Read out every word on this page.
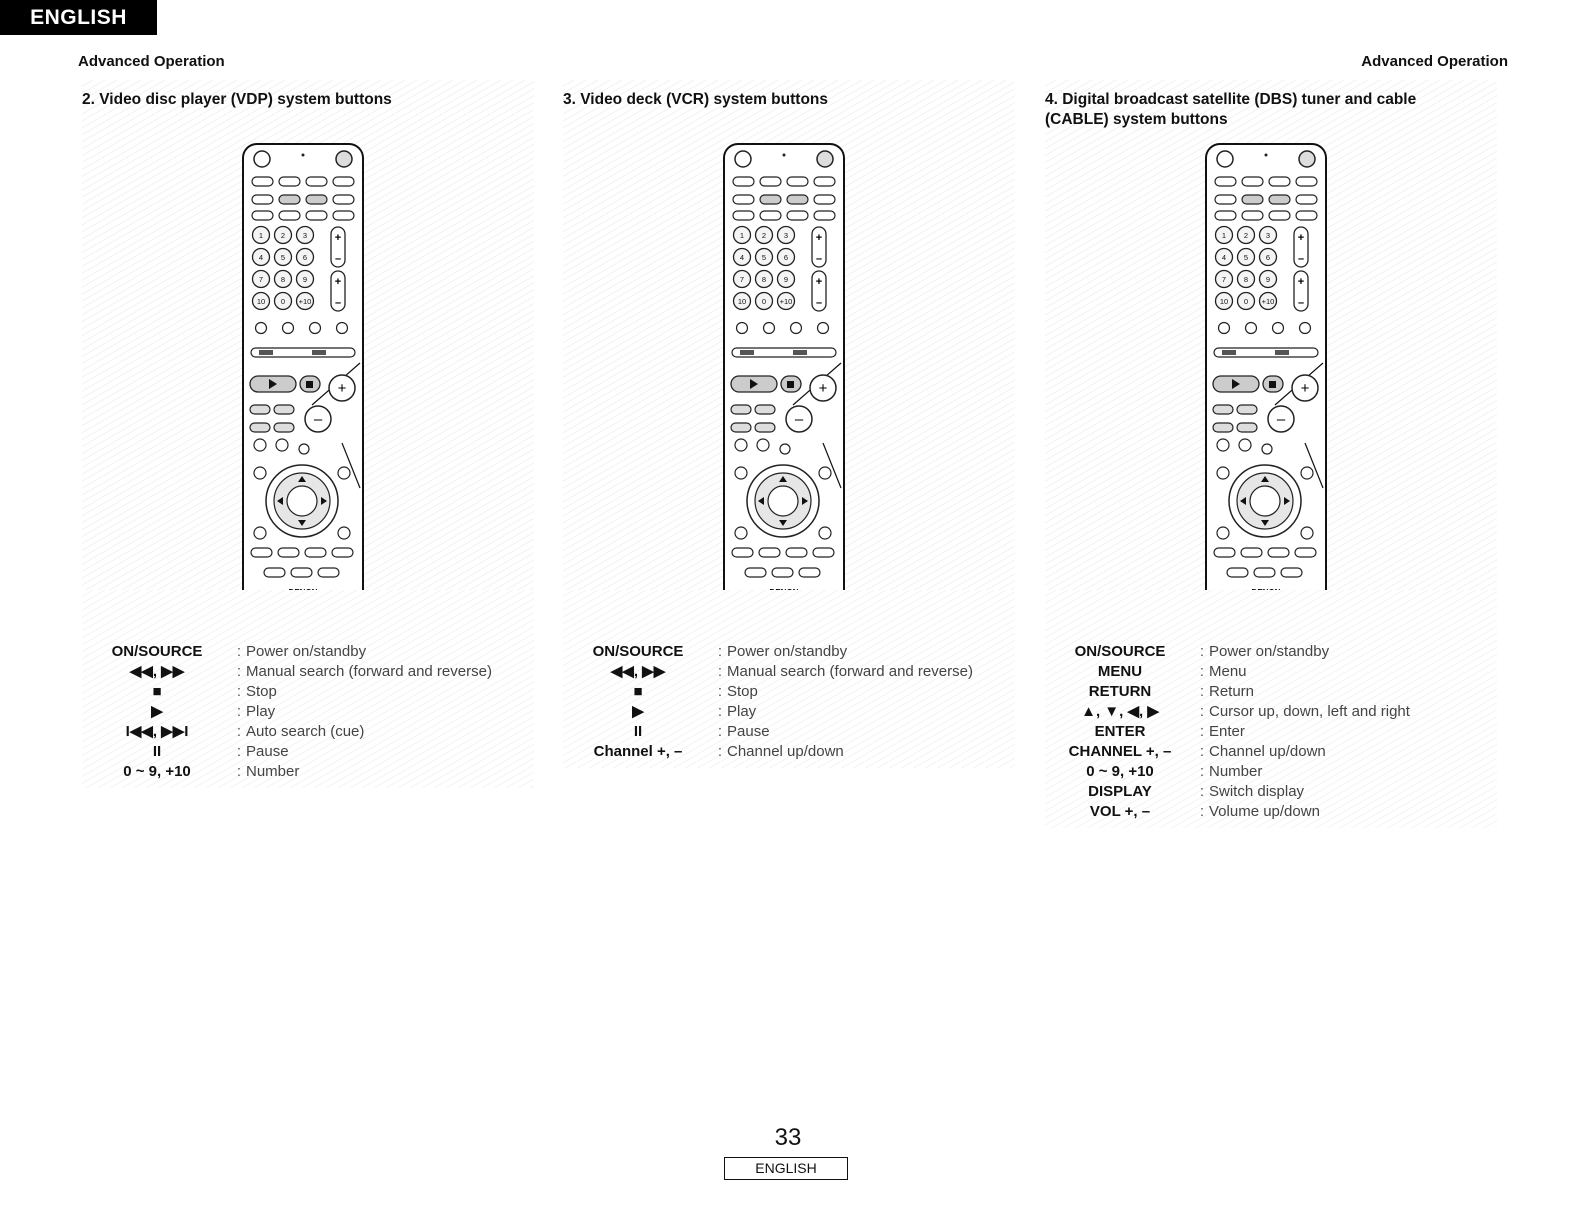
ENGLISH
Advanced Operation	Advanced Operation
2. Video disc player (VDP) system buttons
1 2 3
4 5 6
7 8 9
10 0 +10
+
–
+
–
+
–
ON/SOURCE	: Power on/standby
◀◀, ▶▶	: Manual search (forward and reverse)
■	: Stop
▶	: Play
I◀◀, ▶▶I	: Auto search (cue)
II	: Pause
0 ~ 9, +10	: Number
3. Video deck (VCR) system buttons
1 2 3
4 5 6
7 8 9
10 0 +10
+
–
+
–
+
–
ON/SOURCE	: Power on/standby
◀◀, ▶▶	: Manual search (forward and reverse)
■	: Stop
▶	: Play
II	: Pause
Channel +, –	: Channel up/down
4. Digital broadcast satellite (DBS) tuner and cable (CABLE) system buttons
1 2 3
4 5 6
7 8 9
10 0 +10
+
–
+
–
+
–
ON/SOURCE	: Power on/standby
MENU	: Menu
RETURN	: Return
▲, ▼, ◀, ▶	: Cursor up, down, left and right
ENTER	: Enter
CHANNEL +, –	: Channel up/down
0 ~ 9, +10	: Number
DISPLAY	: Switch display
VOL +, –	: Volume up/down
33
ENGLISH
